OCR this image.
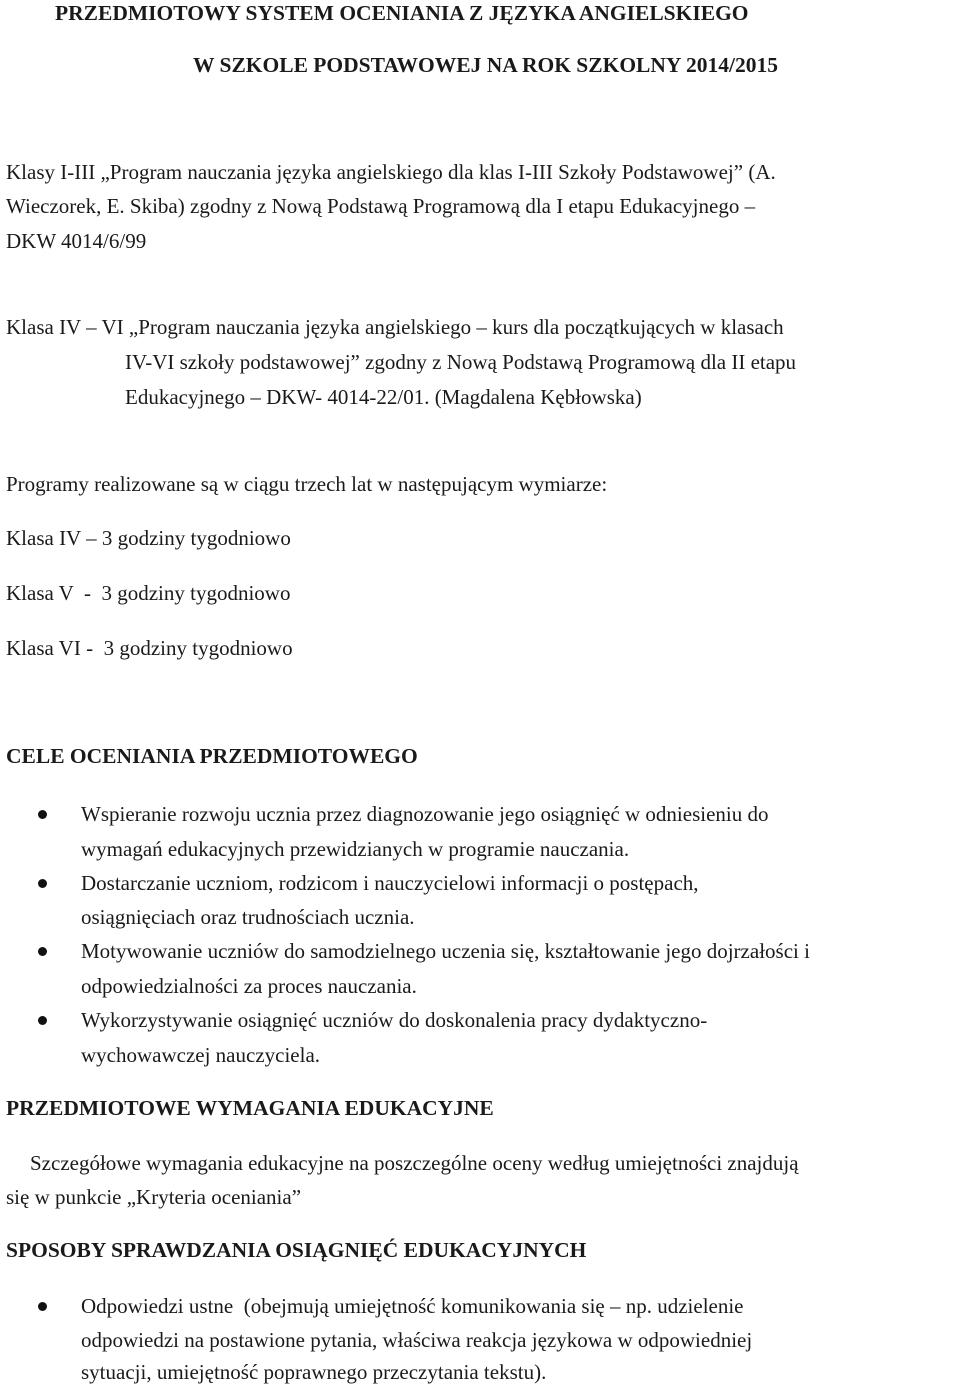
PRZEDMIOTOWY SYSTEM OCENIANIA Z JĘZYKA ANGIELSKIEGO
W SZKOLE PODSTAWOWEJ NA ROK SZKOLNY 2014/2015
Klasy I-III „Program nauczania języka angielskiego dla klas I-III Szkoły Podstawowej” (A.
Wieczorek, E. Skiba) zgodny z Nową Podstawą Programową dla I etapu Edukacyjnego –
DKW 4014/6/99
Klasa IV – VI „Program nauczania języka angielskiego – kurs dla początkujących w klasach
IV-VI szkoły podstawowej” zgodny z Nową Podstawą Programową dla II etapu
Edukacyjnego – DKW- 4014-22/01. (Magdalena Kębłowska)
Programy realizowane są w ciągu trzech lat w następującym wymiarze:
Klasa IV – 3 godziny tygodniowo
Klasa V  -  3 godziny tygodniowo
Klasa VI -  3 godziny tygodniowo
CELE OCENIANIA PRZEDMIOTOWEGO
Wspieranie rozwoju ucznia przez diagnozowanie jego osiągnięć w odniesieniu do
wymagań edukacyjnych przewidzianych w programie nauczania.
Dostarczanie uczniom, rodzicom i nauczycielowi informacji o postępach,
osiągnięciach oraz trudnościach ucznia.
Motywowanie uczniów do samodzielnego uczenia się, kształtowanie jego dojrzałości i
odpowiedzialności za proces nauczania.
Wykorzystywanie osiągnięć uczniów do doskonalenia pracy dydaktyczno-
wychowawczej nauczyciela.
PRZEDMIOTOWE WYMAGANIA EDUKACYJNE
Szczegółowe wymagania edukacyjne na poszczególne oceny według umiejętności znajdują
się w punkcie „Kryteria oceniania”
SPOSOBY SPRAWDZANIA OSIĄGNIĘĆ EDUKACYJNYCH
Odpowiedzi ustne  (obejmują umiejętność komunikowania się – np. udzielenie
odpowiedzi na postawione pytania, właściwa reakcja językowa w odpowiedniej
sytuacji, umiejętność poprawnego przeczytania tekstu).
